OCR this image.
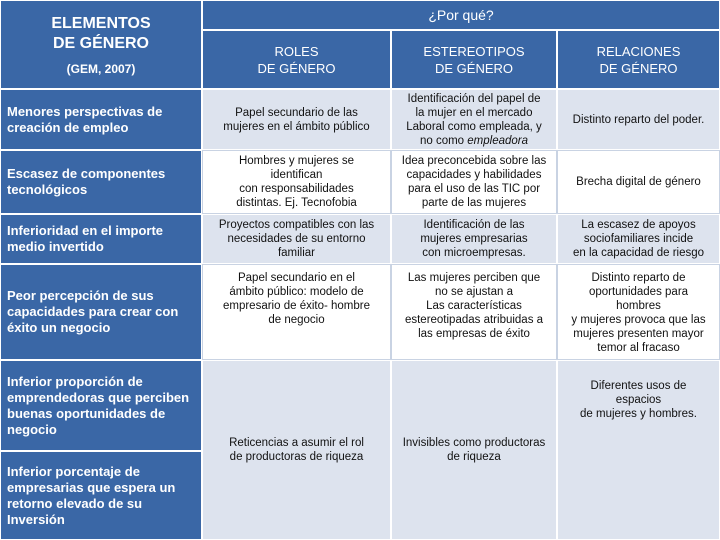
ELEMENTOS
DE GÉNERO
(GEM, 2007)
¿Por qué?
ROLES
DE GÉNERO
ESTEREOTIPOS
DE GÉNERO
RELACIONES
DE GÉNERO
Menores perspectivas de creación de empleo
Papel secundario de las
mujeres en el ámbito público
Identificación del papel de
la mujer en el mercado
Laboral como empleada, y
no como empleadora
Distinto reparto del poder.
Escasez de componentes tecnológicos
Hombres y mujeres se
identifican
con responsabilidades
distintas. Ej. Tecnofobia
Idea preconcebida sobre las
capacidades y habilidades
para el uso de las TIC por
parte de las mujeres
Brecha digital de género
Inferioridad en el importe medio invertido
Proyectos compatibles con las
necesidades de su entorno
familiar
Identificación de las
mujeres empresarias
con microempresas.
La escasez de apoyos
sociofamiliares incide
en la capacidad de riesgo
Peor percepción de sus capacidades para crear con éxito un negocio
Papel secundario en el
ámbito público: modelo de
empresario de éxito- hombre
de negocio
Las mujeres perciben que
no se ajustan a
Las características
estereotipadas atribuidas a
las empresas de éxito
Distinto reparto de
oportunidades para
hombres
y mujeres provoca que las
mujeres presenten mayor
temor al fracaso
Inferior proporción de emprendedoras que perciben buenas oportunidades de negocio
Inferior porcentaje de empresarias que espera un retorno elevado de su Inversión
Reticencias a asumir el rol
de productoras de riqueza
Invisibles como productoras
de riqueza
Diferentes usos de
espacios
de mujeres y hombres.
